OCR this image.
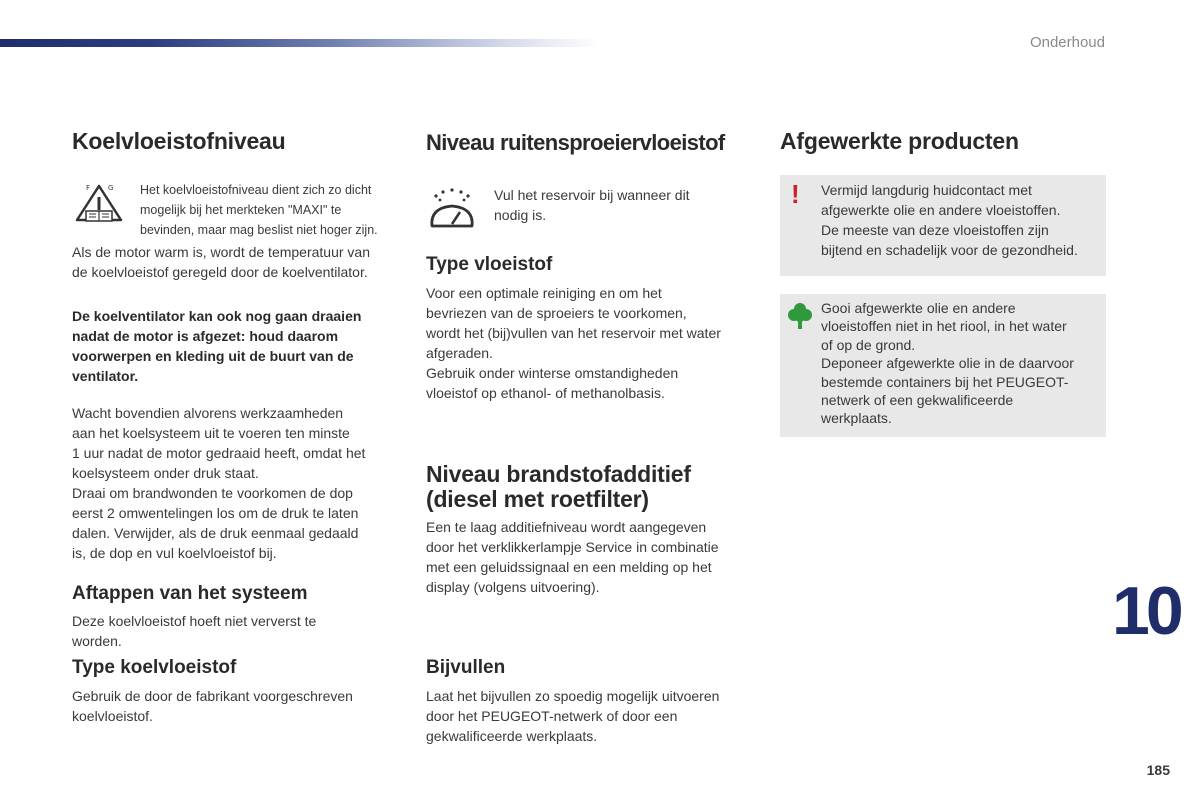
Onderhoud
Koelvloeistofniveau
F	G Het koelvloeistofniveau dient zich zo dicht
mogelijk bij het merkteken "MAXI" te
bevinden, maar mag beslist niet hoger zijn.

Als de motor warm is, wordt de temperatuur van
de koelvloeistof geregeld door de koelventilator.

De koelventilator kan ook nog gaan draaien
nadat de motor is afgezet: houd daarom
voorwerpen en kleding uit de buurt van de
ventilator.

Wacht bovendien alvorens werkzaamheden
aan het koelsysteem uit te voeren ten minste
1 uur nadat de motor gedraaid heeft, omdat het
koelsysteem onder druk staat.
Draai om brandwonden te voorkomen de dop
eerst 2 omwentelingen los om de druk te laten
dalen. Verwijder, als de druk eenmaal gedaald
is, de dop en vul koelvloeistof bij.

Aftappen van het systeem

Deze koelvloeistof hoeft niet ververst te
worden.

Type koelvloeistof

Gebruik de door de fabrikant voorgeschreven
koelvloeistof.

Niveau ruitensproeiervloeistof

Vul het reservoir bij wanneer dit
nodig is.

Type vloeistof

Voor een optimale reiniging en om het
bevriezen van de sproeiers te voorkomen,
wordt het (bij)vullen van het reservoir met water
afgeraden.
Gebruik onder winterse omstandigheden
vloeistof op ethanol- of methanolbasis.

Niveau brandstofadditief
(diesel met roetfilter)

Een te laag additiefniveau wordt aangegeven
door het verklikkerlampje Service in combinatie
met een geluidssignaal en een melding op het
display (volgens uitvoering).

Bijvullen

Laat het bijvullen zo spoedig mogelijk uitvoeren
door het PEUGEOT-netwerk of door een
gekwalificeerde werkplaats.

Afgewerkte producten
! Vermijd langdurig huidcontact met
afgewerkte olie en andere vloeistoffen.
De meeste van deze vloeistoffen zijn
bijtend en schadelijk voor de gezondheid.

Gooi afgewerkte olie en andere
vloeistoffen niet in het riool, in het water
of op de grond.
Deponeer afgewerkte olie in de daarvoor
bestemde containers bij het PEUGEOT-
netwerk of een gekwalificeerde
werkplaats.

10
185
